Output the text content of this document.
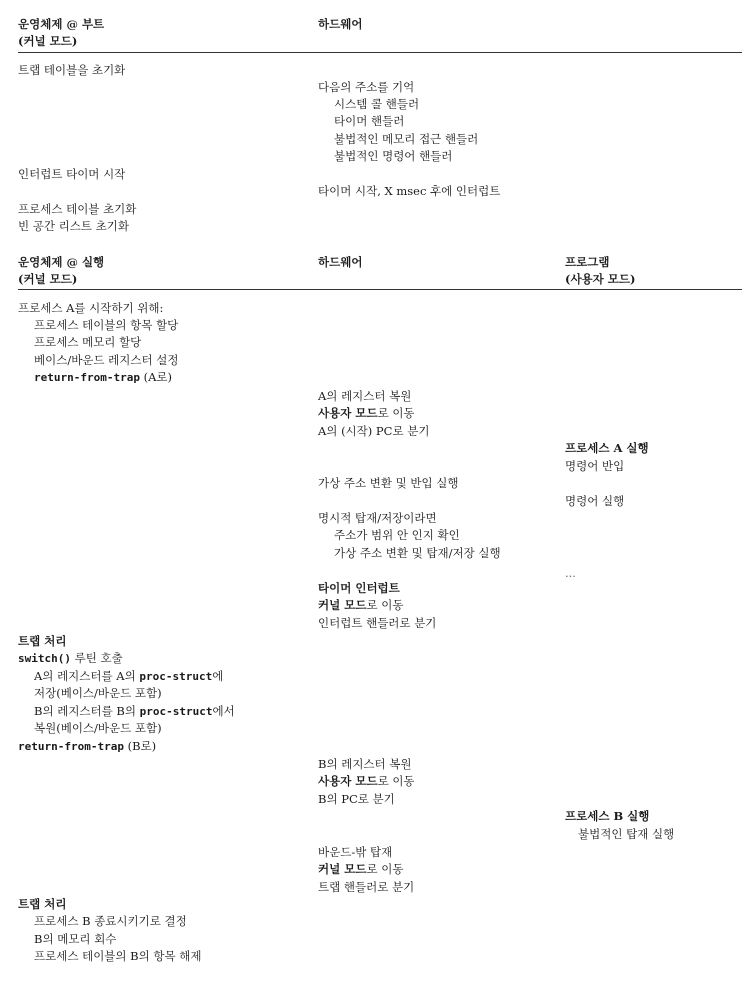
운영체제 @ 부트
(커널 모드)
하드웨어
트랩 테이블을 초기화
다음의 주소를 기억
시스템 콜 핸들러
타이머 핸들러
불법적인 메모리 접근 핸들러
불법적인 명령어 핸들러
인터럽트 타이머 시작
타이머 시작, X msec 후에 인터럽트
프로세스 테이블 초기화
빈 공간 리스트 초기화
운영체제 @ 실행
(커널 모드)
하드웨어	프로그램
(사용자 모드)
프로세스 A를 시작하기 위해:
프로세스 테이블의 항목 할당
프로세스 메모리 할당
베이스/바운드 레지스터 설정
return-from-trap (A로)
A의 레지스터 복원
사용자 모드로 이동
A의 (시작) PC로 분기
프로세스 A 실행
명령어 반입
가상 주소 변환 및 반입 실행
명령어 실행
명시적 탑재/저장이라면
주소가 범위 안 인지 확인
가상 주소 변환 및 탑재/저장 실행
...
타이머 인터럽트
커널 모드로 이동
인터럽트 핸들러로 분기
트랩 처리
switch() 루틴 호출
A의 레지스터를 A의 proc-struct에
저장(베이스/바운드 포함)
B의 레지스터를 B의 proc-struct에서
복원(베이스/바운드 포함)
return-from-trap (B로)
B의 레지스터 복원
사용자 모드로 이동
B의 PC로 분기
프로세스 B 실행
불법적인 탑재 실행
바운드-밖 탑재
커널 모드로 이동
트랩 핸들러로 분기
트랩 처리
프로세스 B 종료시키기로 결정
B의 메모리 회수
프로세스 테이블의 B의 항목 해제
